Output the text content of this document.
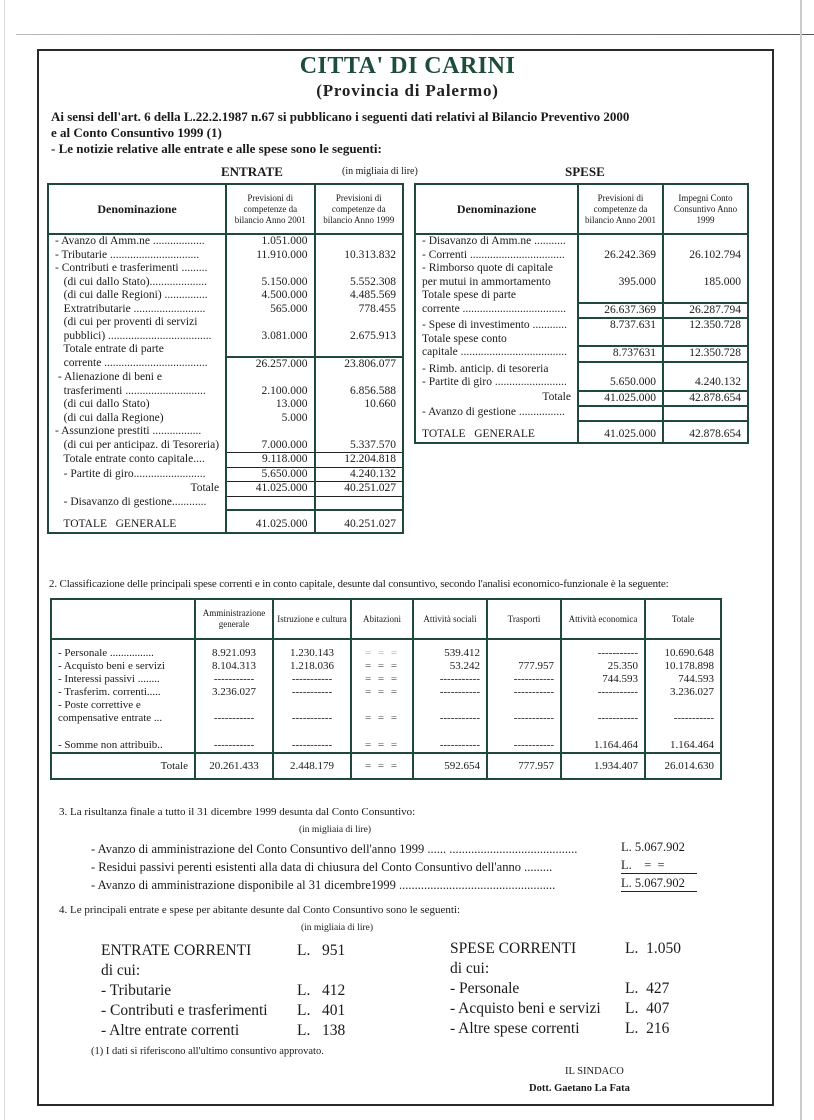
CITTA' DI CARINI
(Provincia di Palermo)
Ai sensi dell'art. 6 della L.22.2.1987 n.67 si pubblicano i seguenti dati relativi al Bilancio Preventivo 2000
e al Conto Consuntivo 1999 (1)
- Le notizie relative alle entrate e alle spese sono le seguenti:
ENTRATE	(in migliaia di lire)	SPESE
Denominazione	Previsioni di competenze da bilancio Anno 2001	Previsioni di competenze da bilancio Anno 1999
- Avanzo di Amm.ne ..................	1.051.000	
- Tributarie ...............................	11.910.000	10.313.832
- Contributi e trasferimenti .........		
(di cui dallo Stato)....................	5.150.000	5.552.308
(di cui dalle Regioni) ...............	4.500.000	4.485.569
Extratributarie .........................	565.000	778.455
(di cui per proventi di servizi		
pubblici) ....................................	3.081.000	2.675.913
Totale entrate di parte		
corrente ....................................	26.257.000	23.806.077
- Alienazione di beni e		
trasferimenti ............................	2.100.000	6.856.588
(di cui dallo Stato)	13.000	10.660
(di cui dalla Regione)	5.000	
- Assunzione prestiti .................		
(di cui per anticipaz. di Tesoreria)	7.000.000	5.337.570
Totale entrate conto capitale....	9.118.000	12.204.818

- Partite di giro.........................	5.650.000	4.240.132
Totale	41.025.000	40.251.027
- Disavanzo di gestione............		

TOTALE   GENERALE	41.025.000	40.251.027
Denominazione	Previsioni di competenze da bilancio Anno 2001	Impegni Conto Consuntivo Anno 1999
- Disavanzo di Amm.ne ...........		
- Correnti .................................	26.242.369	26.102.794
- Rimborso quote di capitale		
per mutui in ammortamento	395.000	185.000

Totale spese di parte		
corrente ....................................	26.637.369	26.287.794

- Spese di investimento ............	8.737.631	12.350.728

Totale spese conto		
capitale .....................................	8.737631	12.350.728

- Rimb. anticip. di tesoreria		
- Partite di giro .........................	5.650.000	4.240.132
Totale	41.025.000	42.878.654
- Avanzo di gestione ................		

TOTALE   GENERALE	41.025.000	42.878.654
2. Classificazione delle principali spese correnti e in conto capitale, desunte dal consuntivo, secondo l'analisi economico-funzionale è la seguente:
	Amministrazione generale	Istruzione e cultura	Abitazioni	Attività sociali	Trasporti	Attività economica	Totale
- Personale ................	8.921.093	1.230.143	= = =	539.412		-----------	10.690.648
- Acquisto beni e servizi	8.104.313	1.218.036	= = =	53.242	777.957	25.350	10.178.898
- Interessi passivi ........	-----------	-----------	= = =	-----------	-----------	744.593	744.593
- Trasferim. correnti.....	3.236.027	-----------	= = =	-----------	-----------	-----------	3.236.027
- Poste correttive e							
compensative entrate ...	-----------	-----------	= = =	-----------	-----------	-----------	-----------

- Somme non attribuib..	-----------	-----------	= = =	-----------	-----------	1.164.464	1.164.464
Totale	20.261.433	2.448.179	= = =	592.654	777.957	1.934.407	26.014.630
3. La risultanza finale a tutto il 31 dicembre 1999 desunta dal Conto Consuntivo:
(in migliaia di lire)
- Avanzo di amministrazione del Conto Consuntivo dell'anno 1999 ...... .........................................	L. 5.067.902
- Residui passivi perenti esistenti alla data di chiusura del Conto Consuntivo dell'anno .........	L.    =  =
- Avanzo di amministrazione disponibile al 31 dicembre1999 ..................................................	L. 5.067.902
4. Le principali entrate e spese per abitante desunte dal Conto Consuntivo sono le seguenti:
(in migliaia di lire)
ENTRATE CORRENTI	L.   951
di cui:
- Tributarie	L.   412
- Contributi e trasferimenti L.   401
- Altre entrate correnti	L.   138
SPESE CORRENTI	L.  1.050
di cui:
- Personale	L.  427
- Acquisto beni e servizi L.  407
- Altre spese correnti	L.  216
(1) I dati si riferiscono all'ultimo consuntivo approvato.
IL SINDACO
Dott. Gaetano La Fata
